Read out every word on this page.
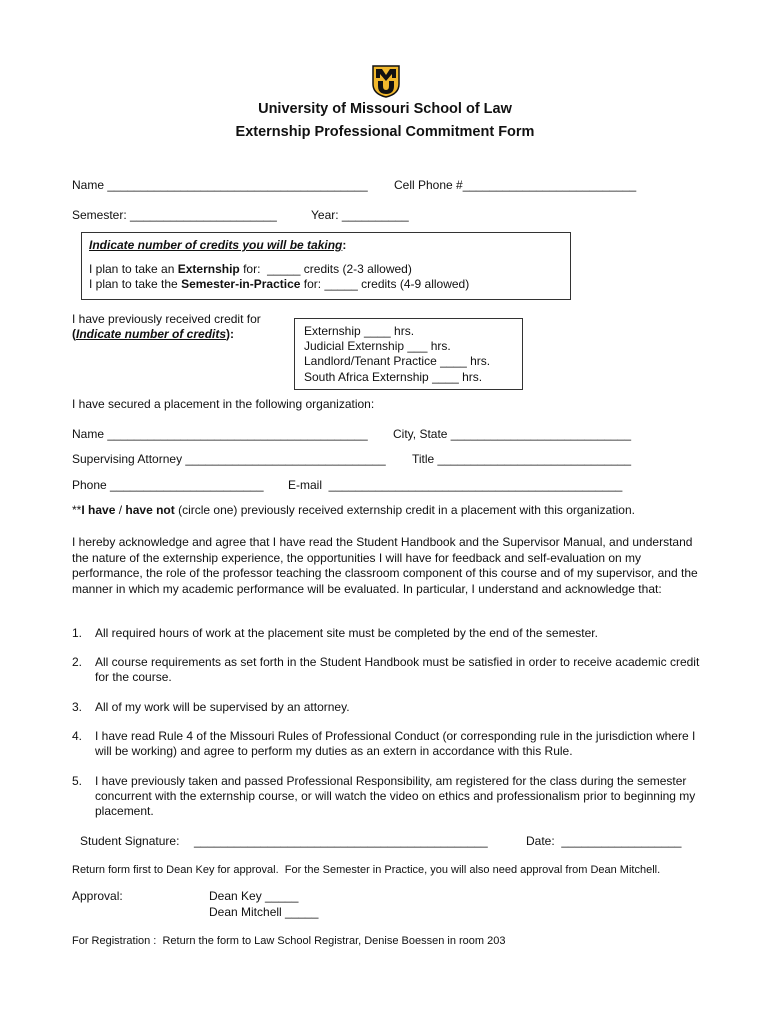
University of Missouri School of Law
Externship Professional Commitment Form
Name _______________________________________ Cell Phone #__________________________
Semester: ______________________	Year: __________
Indicate number of credits you will be taking:
I plan to take an Externship for:  _____ credits (2-3 allowed)
I plan to take the Semester-in-Practice for: _____ credits (4-9 allowed)
I have previously received credit for
(Indicate number of credits):	Externship ____ hrs.
Judicial Externship ___ hrs.
Landlord/Tenant Practice ____ hrs.
South Africa Externship ____ hrs.
I have secured a placement in the following organization:
Name _______________________________________ City, State ___________________________
Supervising Attorney ______________________________ Title _____________________________
Phone _______________________ E-mail  ____________________________________________
**I have / have not (circle one) previously received externship credit in a placement with this organization.
I hereby acknowledge and agree that I have read the Student Handbook and the Supervisor Manual, and understand the nature of the externship experience, the opportunities I will have for feedback and self-evaluation on my performance, the role of the professor teaching the classroom component of this course and of my supervisor, and the manner in which my academic performance will be evaluated. In particular, I understand and acknowledge that:
1. All required hours of work at the placement site must be completed by the end of the semester.
2. All course requirements as set forth in the Student Handbook must be satisfied in order to receive academic credit for the course.
3. All of my work will be supervised by an attorney.
4. I have read Rule 4 of the Missouri Rules of Professional Conduct (or corresponding rule in the jurisdiction where I will be working) and agree to perform my duties as an extern in accordance with this Rule.
5. I have previously taken and passed Professional Responsibility, am registered for the class during the semester concurrent with the externship course, or will watch the video on ethics and professionalism prior to beginning my placement.
Student Signature: ____________________________________________	Date:  __________________
Return form first to Dean Key for approval.  For the Semester in Practice, you will also need approval from Dean Mitchell.
Approval:	Dean Key _____
Dean Mitchell _____
For Registration :  Return the form to Law School Registrar, Denise Boessen in room 203
